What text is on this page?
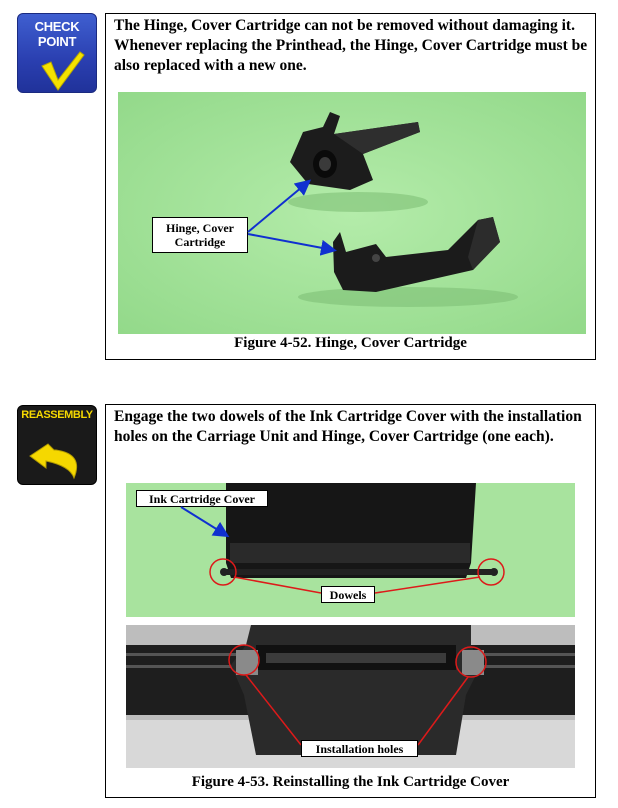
CHECK
POINT
The Hinge, Cover Cartridge can not be removed without damaging it. Whenever replacing the Printhead, the Hinge, Cover Cartridge must be also replaced with a new one.
Hinge, Cover
Cartridge
Figure 4-52. Hinge, Cover Cartridge
REASSEMBLY Engage the two dowels of the Ink Cartridge Cover with the installation holes on the Carriage Unit and Hinge, Cover Cartridge (one each).
Ink Cartridge Cover
Dowels
Installation holes
Figure 4-53. Reinstalling the Ink Cartridge Cover
